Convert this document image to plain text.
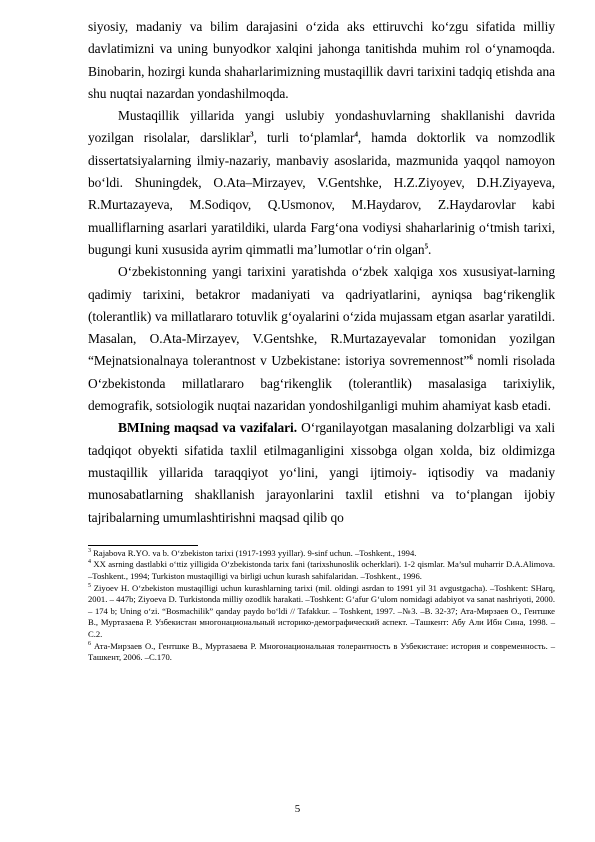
siyosiy, madaniy va bilim darajasini o‘zida aks ettiruvchi ko‘zgu sifatida milliy davlatimizni va uning bunyodkor xalqini jahonga tanitishda muhim rol o‘ynamoqda. Binobarin, hozirgi kunda shaharlarimizning mustaqillik davri tarixini tadqiq etishda ana shu nuqtai nazardan yondashilmoqda.

Mustaqillik yillarida yangi uslubiy yondashuvlarning shakllanishi davrida yozilgan risolalar, darsliklar$^3$, turli to‘plamlar$^4$, hamda doktorlik va nomzodlik dissertatsiyalarning ilmiy-nazariy, manbaviy asoslarida, mazmunida yaqqol namoyon bo‘ldi. Shuningdek, O.Ata–Mirzayev, V.Gentshke, H.Z.Ziyoyev, D.H.Ziyayeva, R.Murtazayeva, M.Sodiqov, Q.Usmonov, M.Haydarov, Z.Haydarovlar kabi mualliflarning asarlari yaratildiki, ularda Farg‘ona vodiysi shaharlarinig o‘tmish tarixi, bugungi kuni xususida ayrim qimmatli ma’lumotlar o‘rin olgan$^5$.

O‘zbekistonning yangi tarixini yaratishda o‘zbek xalqiga xos xususiyat-larning qadimiy tarixini, betakror madaniyati va qadriyatlarini, ayniqsa bag‘rikenglik (tolerantlik) va millatlararo totuvlik g‘oyalarini o‘zida mujassam etgan asarlar yaratildi. Masalan, O.Ata-Mirzayev, V.Gentshke, R.Murtazayevalar tomonidan yozilgan “Mejnatsionalnaya tolerantnost v Uzbekistane: istoriya sovremennost”$^6$ nomli risolada O‘zbekistonda millatlararo bag‘rikenglik (tolerantlik) masalasiga tarixiylik, demografik, sotsiologik nuqtai nazaridan yondoshilganligi muhim ahamiyat kasb etadi.

BMIning maqsad va vazifalari. O‘rganilayotgan masalaning dolzarbligi va xali tadqiqot obyekti sifatida taxlil etilmaganligini xissobga olgan xolda, biz oldimizga mustaqillik yillarida taraqqiyot yo‘lini, yangi ijtimoiy- iqtisodiy va madaniy munosabatlarning shakllanish jarayonlarini taxlil etishni va to‘plangan ijobiy tajribalarning umumlashtirishni maqsad qilib qo

$^3$ Rajabova R.YO. va b. O‘zbekiston tarixi (1917-1993 yyillar). 9-sinf uchun. –Toshkent., 1994.

$^4$ XX asrning dastlabki o‘ttiz yilligida O‘zbekistonda tarix fani (tarixshunoslik ocherklari). 1-2 qismlar. Ma’sul muharrir D.A.Alimova. –Toshkent., 1994; Turkiston mustaqilligi va birligi uchun kurash sahifalaridan. –Toshkent., 1996.

$^5$ Ziyoev H. O‘zbekiston mustaqilligi uchun kurashlarning tarixi (mil. oldingi asrdan to 1991 yil 31 avgustgacha). –Toshkent: SHarq, 2001. – 447b; Ziyoeva D. Turkistonda milliy ozodlik harakati. –Toshkent: G‘afur G‘ulom nomidagi adabiyot va sanat nashriyoti, 2000. – 174 b; Uning o‘zi. “Bosmachilik” qanday paydo bo‘ldi // Tafakkur. – Toshkent, 1997. –№3. –B. 32-37; Ата-Мирзаев О., Гентшке В., Муртазаева Р. Узбекистан многонациональный историко-демографический аспект. –Ташкент: Абу Али Ибн Сина, 1998. –С.2.

$^6$ Ата-Мирзаев О., Гентшке В., Муртазаева Р. Многонациональная толерантность в Узбекистане: история и современность. –Ташкент, 2006. –С.170.

5
